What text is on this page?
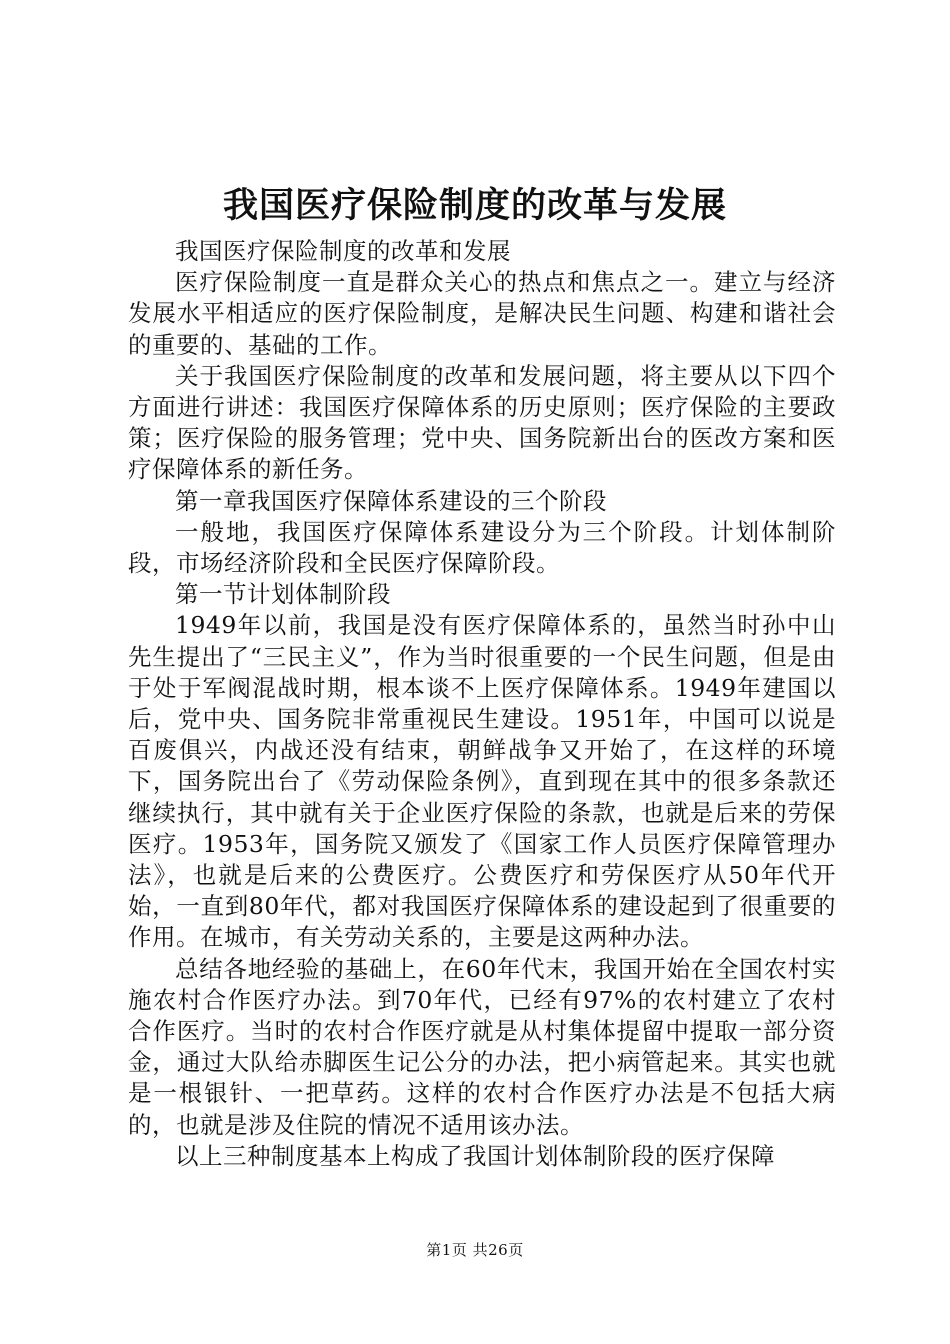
我国医疗保险制度的改革与发展

我国医疗保险制度的改革和发展

医疗保险制度一直是群众关心的热点和焦点之一。建立与经济发展水平相适应的医疗保险制度，是解决民生问题、构建和谐社会的重要的、基础的工作。

关于我国医疗保险制度的改革和发展问题，将主要从以下四个方面进行讲述：我国医疗保障体系的历史原则；医疗保险的主要政策；医疗保险的服务管理；党中央、国务院新出台的医改方案和医疗保障体系的新任务。

第一章我国医疗保障体系建设的三个阶段

一般地，我国医疗保障体系建设分为三个阶段。计划体制阶段，市场经济阶段和全民医疗保障阶段。

第一节计划体制阶段

1949年以前，我国是没有医疗保障体系的，虽然当时孙中山先生提出了“三民主义”，作为当时很重要的一个民生问题，但是由于处于军阀混战时期，根本谈不上医疗保障体系。1949年建国以后，党中央、国务院非常重视民生建设。1951年，中国可以说是百废俱兴，内战还没有结束，朝鲜战争又开始了，在这样的环境下，国务院出台了《劳动保险条例》，直到现在其中的很多条款还继续执行，其中就有关于企业医疗保险的条款，也就是后来的劳保医疗。1953年，国务院又颁发了《国家工作人员医疗保障管理办法》，也就是后来的公费医疗。公费医疗和劳保医疗从50年代开始，一直到80年代，都对我国医疗保障体系的建设起到了很重要的作用。在城市，有关劳动关系的，主要是这两种办法。

总结各地经验的基础上，在60年代末，我国开始在全国农村实施农村合作医疗办法。到70年代，已经有97%的农村建立了农村合作医疗。当时的农村合作医疗就是从村集体提留中提取一部分资金，通过大队给赤脚医生记公分的办法，把小病管起来。其实也就是一根银针、一把草药。这样的农村合作医疗办法是不包括大病的，也就是涉及住院的情况不适用该办法。

以上三种制度基本上构成了我国计划体制阶段的医疗保障

第1页 共26页
